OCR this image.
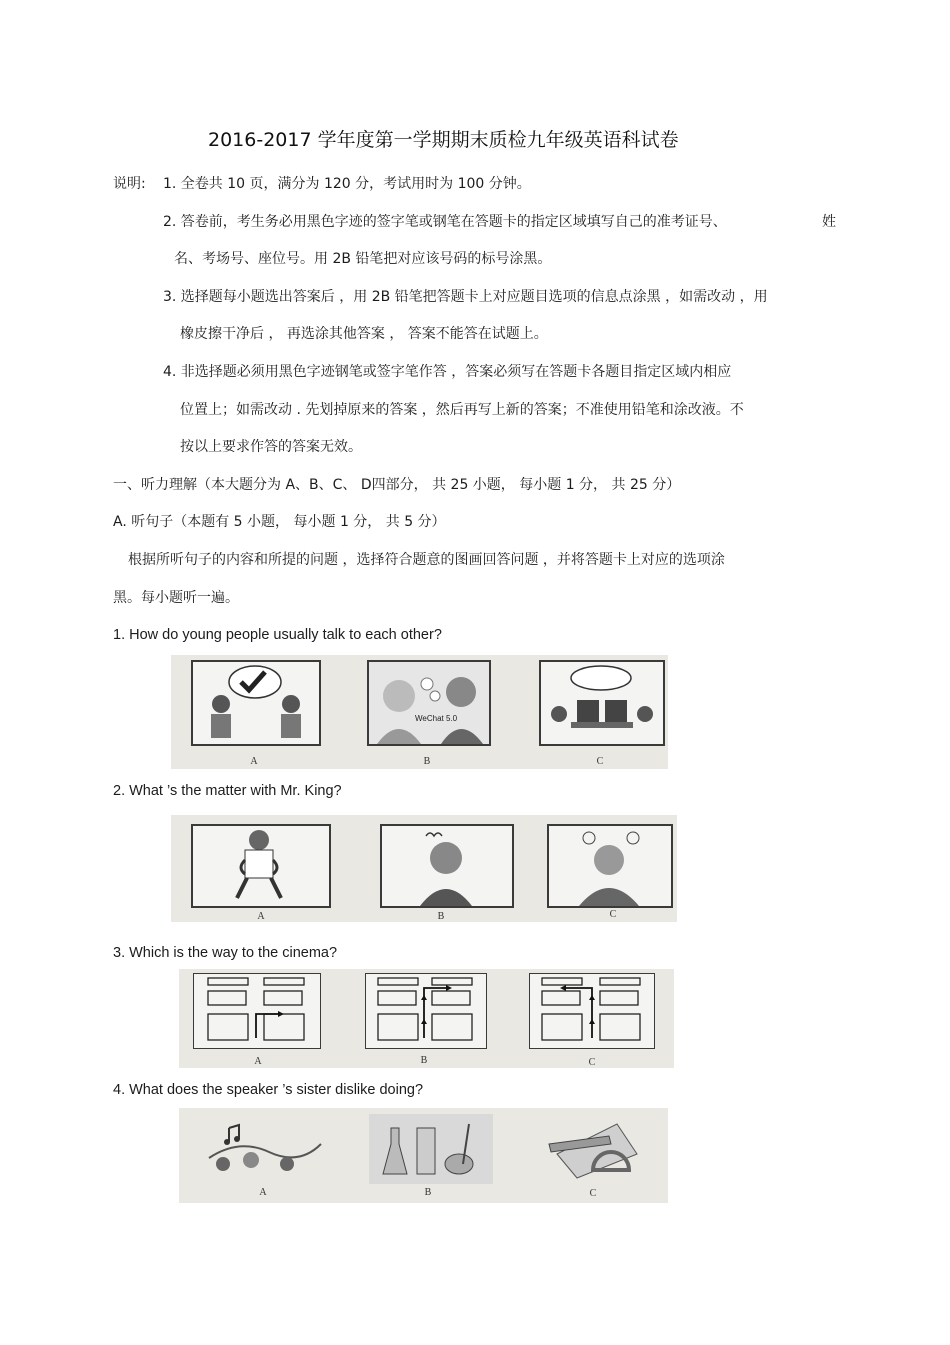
2016-2017 学年度第一学期期末质检九年级英语科试卷
说明: 1. 全卷共 10 页，满分为 120 分，考试用时为 100 分钟。
2. 答卷前，考生务必用黑色字迹的签字笔或钢笔在答题卡的指定区域填写自己的准考证号、	姓
名、考场号、座位号。用 2B 铅笔把对应该号码的标号涂黑。
3. 选择题每小题选出答案后 ，用 2B 铅笔把答题卡上对应题目选项的信息点涂黑 ，如需改动 ，用
橡皮擦干净后 ， 再选涂其他答案 ， 答案不能答在试题上。
4. 非选择题必须用黑色字迹钢笔或签字笔作答 ，答案必须写在答题卡各题目指定区域内相应
位置上；如需改动 . 先划掉原来的答案 ，然后再写上新的答案；不准使用铅笔和涂改液。不
按以上要求作答的答案无效。
一、听力理解（本大题分为 A、B、C、 D四部分， 共 25 小题， 每小题 1 分， 共 25 分）
A. 听句子（本题有 5 小题， 每小题 1 分， 共 5 分）
根据所听句子的内容和所提的问题 ，选择符合题意的图画回答问题 ，并将答题卡上对应的选项涂
黑。每小题听一遍。
1. How do young people usually talk to each other?
WeChat 5.0
A	B	C
2. What ’s the matter with Mr. King?
A	B	C
3. Which is the way to the cinema?
A	B	C
4. What does the speaker ’s sister dislike doing?
A	B	C
